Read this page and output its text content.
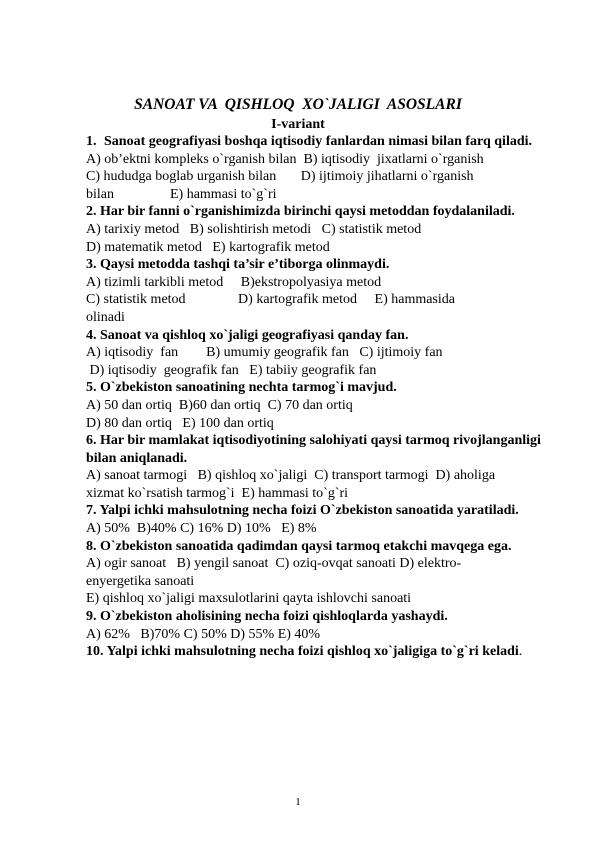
SANOAT VA  QISHLOQ  XO`JALIGI  ASOSLARI
I-variant
1. Sanoat geografiyasi boshqa iqtisodiy fanlardan nimasi bilan farq qiladi.
A) ob’ektni kompleks o`rganish bilan  B) iqtisodiy  jixatlarni o`rganish
C) hududga boglab urganish bilan       D) ijtimoiy jihatlarni o`rganish
bilan                E) hammasi to`g`ri
2. Har bir fanni o`rganishimizda birinchi qaysi metoddan foydalaniladi.
A) tarixiy metod   B) solishtirish metodi   C) statistik metod
D) matematik metod   E) kartografik metod
3. Qaysi metodda tashqi ta’sir e’tiborga olinmaydi.
A) tizimli tarkibli metod     B)ekstropolyasiya metod
C) statistik metod               D) kartografik metod     E) hammasida
olinadi
4. Sanoat va qishloq xo`jaligi geografiyasi qanday fan.
A) iqtisodiy  fan        B) umumiy geografik fan   C) ijtimoiy fan
D) iqtisodiy  geografik fan   E) tabiiy geografik fan
5. O`zbekiston sanoatining nechta tarmog`i mavjud.
A) 50 dan ortiq  B)60 dan ortiq  C) 70 dan ortiq
D) 80 dan ortiq   E) 100 dan ortiq
6. Har bir mamlakat iqtisodiyotining salohiyati qaysi tarmoq rivojlanganligi bilan aniqlanadi.
A) sanoat tarmogi   B) qishloq xo`jaligi  C) transport tarmogi  D) aholiga
xizmat ko`rsatish tarmog`i  E) hammasi to`g`ri
7. Yalpi ichki mahsulotning necha foizi O`zbekiston sanoatida yaratiladi.
A) 50%  B)40% C) 16% D) 10%   E) 8%
8. O`zbekiston sanoatida qadimdan qaysi tarmoq etakchi mavqega ega.
A) ogir sanoat   B) yengil sanoat  C) oziq-ovqat sanoati D) elektro-
enyergetika sanoati
E) qishloq xo`jaligi maxsulotlarini qayta ishlovchi sanoati
9. O`zbekiston aholisining necha foizi qishloqlarda yashaydi.
A) 62%   B)70% C) 50% D) 55% E) 40%
10. Yalpi ichki mahsulotning necha foizi qishloq xo`jaligiga to`g`ri keladi.
1
